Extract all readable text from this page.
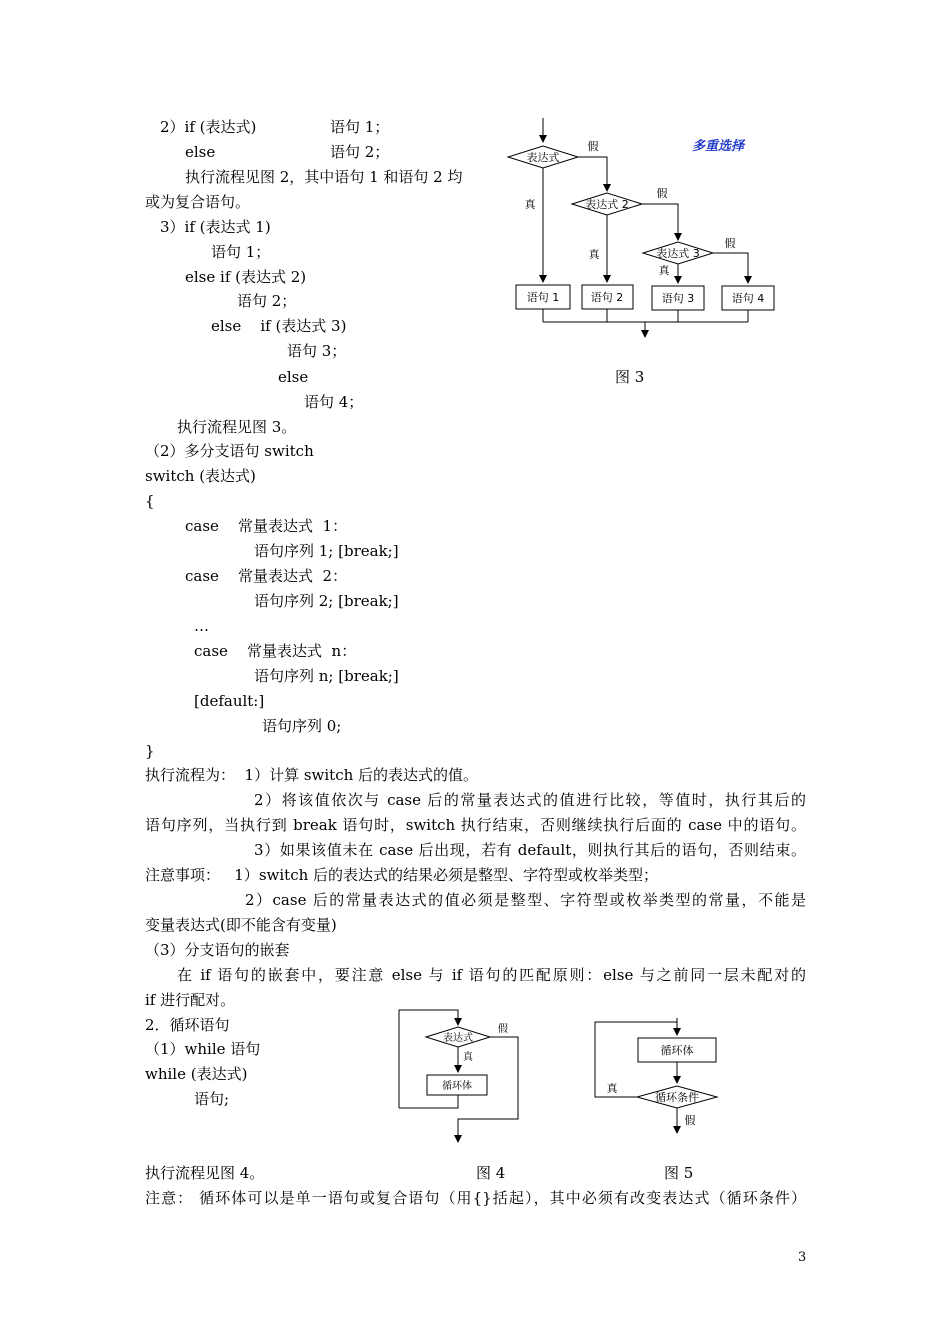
2）if (表达式)	语句 1；
else	语句 2；
执行流程见图 2，其中语句 1 和语句 2 均
或为复合语句。
3）if (表达式 1)
语句 1；
else if (表达式 2)
语句 2；
else    if (表达式 3)
语句 3；
else
语句 4；
执行流程见图 3。
（2）多分支语句 switch
switch (表达式)
{
case    常量表达式  1：
语句序列 1; [break;]
case    常量表达式  2：
语句序列 2; [break;]
…
case    常量表达式  n：
语句序列 n; [break;]
[default:]
语句序列 0;
}
执行流程为：  1）计算 switch 后的表达式的值。
2）将该值依次与 case 后的常量表达式的值进行比较，等值时，执行其后的
语句序列，当执行到 break 语句时，switch 执行结束，否则继续执行后面的 case 中的语句。
3）如果该值未在 case 后出现，若有 default，则执行其后的语句，否则结束。
注意事项：   1）switch 后的表达式的结果必须是整型、字符型或枚举类型；
2）case 后的常量表达式的值必须是整型、字符型或枚举类型的常量，不能是
变量表达式(即不能含有变量)
（3）分支语句的嵌套
在 if 语句的嵌套中，要注意 else 与 if 语句的匹配原则：else 与之前同一层未配对的
if 进行配对。
2．循环语句
（1）while 语句
while (表达式)
语句;
执行流程见图 4。
注意： 循环体可以是单一语句或复合语句（用{}括起），其中必须有改变表达式（循环条件）
图 3
图 4	图 5
3
表达式
表达式 2
表达式 3
语句 1	语句 2	语句 3	语句 4
假
假
假
真
真
真
多重选择
表达式
循环体
假
真
循环体
循环条件
真
假
